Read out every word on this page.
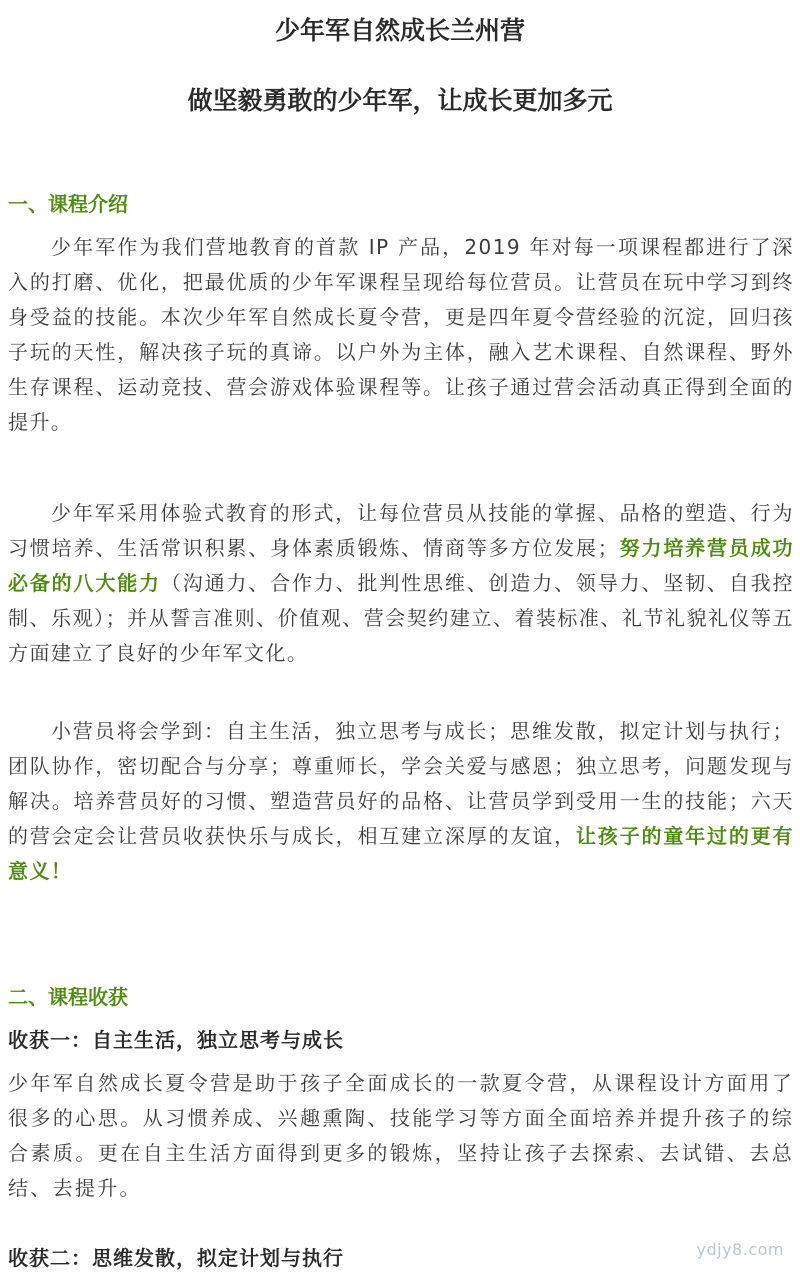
少年军自然成长兰州营
做坚毅勇敢的少年军，让成长更加多元
一、课程介绍

少年军作为我们营地教育的首款 IP 产品，2019 年对每一项课程都进行了深入的打磨、优化，把最优质的少年军课程呈现给每位营员。让营员在玩中学习到终身受益的技能。本次少年军自然成长夏令营，更是四年夏令营经验的沉淀，回归孩子玩的天性，解决孩子玩的真谛。以户外为主体，融入艺术课程、自然课程、野外生存课程、运动竞技、营会游戏体验课程等。让孩子通过营会活动真正得到全面的提升。

少年军采用体验式教育的形式，让每位营员从技能的掌握、品格的塑造、行为习惯培养、生活常识积累、身体素质锻炼、情商等多方位发展；努力培养营员成功必备的八大能力（沟通力、合作力、批判性思维、创造力、领导力、坚韧、自我控制、乐观）；并从誓言准则、价值观、营会契约建立、着装标准、礼节礼貌礼仪等五方面建立了良好的少年军文化。

小营员将会学到：自主生活，独立思考与成长；思维发散，拟定计划与执行；团队协作，密切配合与分享；尊重师长，学会关爱与感恩；独立思考，问题发现与解决。培养营员好的习惯、塑造营员好的品格、让营员学到受用一生的技能；六天的营会定会让营员收获快乐与成长，相互建立深厚的友谊，让孩子的童年过的更有意义！

二、课程收获
收获一：自主生活，独立思考与成长

少年军自然成长夏令营是助于孩子全面成长的一款夏令营，从课程设计方面用了很多的心思。从习惯养成、兴趣熏陶、技能学习等方面全面培养并提升孩子的综合素质。更在自主生活方面得到更多的锻炼，坚持让孩子去探索、去试错、去总结、去提升。

收获二：思维发散，拟定计划与执行	ydjy8.com
